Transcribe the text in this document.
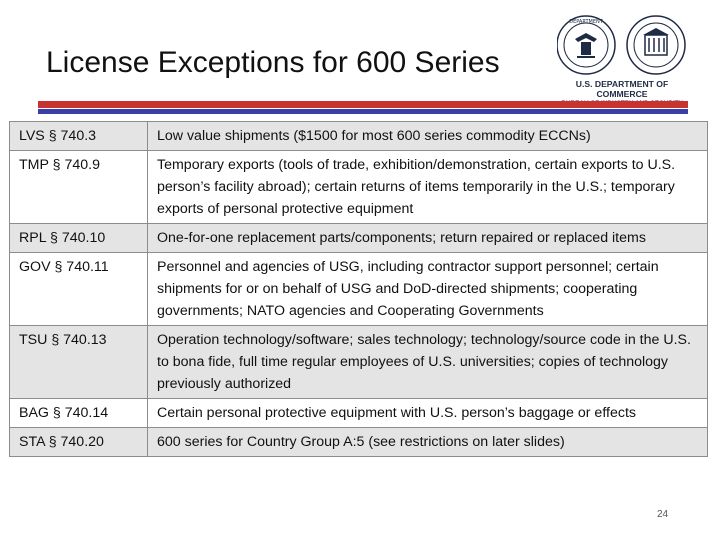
License Exceptions for 600 Series
DEPARTMENT
U.S. DEPARTMENT OF COMMERCE
LVS § 740.3	Low value shipments ($1500 for most 600 series commodity ECCNs)
TMP § 740.9	Temporary exports (tools of trade, exhibition/demonstration, certain exports to U.S. person’s facility abroad); certain returns of items temporarily in the U.S.; temporary exports of personal protective equipment
RPL § 740.10	One-for-one replacement parts/components; return repaired or replaced items
GOV § 740.11	Personnel and agencies of USG, including contractor support personnel; certain shipments for or on behalf of USG and DoD-directed shipments; cooperating governments; NATO agencies and Cooperating Governments
TSU § 740.13	Operation technology/software; sales technology; technology/source code in the U.S. to bona fide, full time regular employees of U.S. universities; copies of technology previously authorized
BAG § 740.14	Certain personal protective equipment with U.S. person’s baggage or effects
STA § 740.20	600 series for Country Group A:5 (see restrictions on later slides)
24
